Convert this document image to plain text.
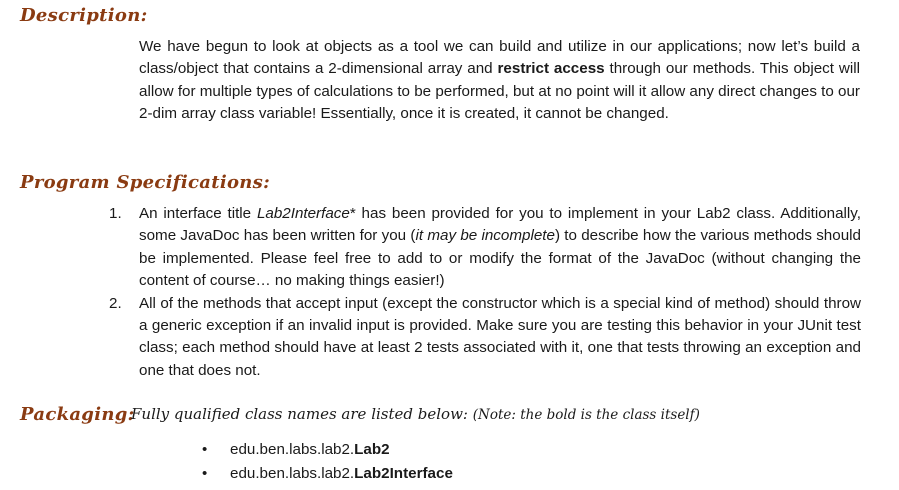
Description:

We have begun to look at objects as a tool we can build and utilize in our applications; now let’s build a class/object that contains a 2-dimensional array and restrict access through our methods. This object will allow for multiple types of calculations to be performed, but at no point will it allow any direct changes to our 2-dim array class variable! Essentially, once it is created, it cannot be changed.

Program Specifications:
1. An interface title Lab2Interface* has been provided for you to implement in your Lab2 class. Additionally, some JavaDoc has been written for you (it may be incomplete) to describe how the various methods should be implemented. Please feel free to add to or modify the format of the JavaDoc (without changing the content of course… no making things easier!)
2. All of the methods that accept input (except the constructor which is a special kind of method) should throw a generic exception if an invalid input is provided. Make sure you are testing this behavior in your JUnit test class; each method should have at least 2 tests associated with it, one that tests throwing an exception and one that does not.
Packaging:

Fully qualified class names are listed below: (Note: the bold is the class itself)

• edu.ben.labs.lab2.Lab2
• edu.ben.labs.lab2.Lab2Interface
